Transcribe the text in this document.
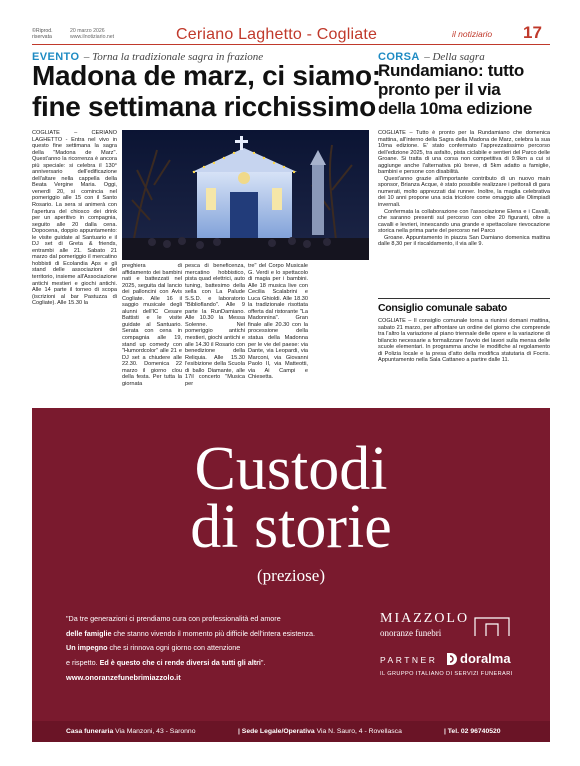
©Riprod.
riservata
20 marzo 2026
www.ilnotiziario.net	Ceriano Laghetto - Cogliate	il notiziario 17
EVENTO – Torna la tradizionale sagra in frazione
Madona de marz, ci siamo:
fine settimana ricchissimo
COGLIATE – CERIANO LAGHETTO - Entra nel vivo in questo fine settimana la sagra della "Madona de Marz". Quest'anno la ricorrenza è ancora più speciale: si celebra il 130° anniversario dell'edificazione dell'altare nella cappella della Beata Vergine Maria. Oggi, venerdì 20, si comincia nel pomeriggio alle 15 con il Santo Rosario. La sera si animerà con l'apertura del chiosco dei drink per un aperitivo in compagnia, seguito alle 20 dalla cena. Dopocena, doppio appuntamento: le visite guidate al Santuario e il DJ set di Greta & friends, entrambi alle 21. Sabato 21 marzo dal pomeriggio il mercatino hobbisti di Ecolandia Aps e gli stand delle associazioni del territorio, insieme all'Associazione antichi mestieri e giochi antichi. Alle 14 parte il torneo di scopa (iscrizioni al bar Pastuzza di Cogliate). Alle 15.30 la
preghiera di affidamento dei bambini nati e battezzati nel 2025, seguita dal lancio dei palloncini con Avis Cogliate. Alle 16 il saggio musicale degli alunni dell'IC Cesare Battisti e le visite guidate al Santuario. Serata con cena in compagnia alle 19, stand up comedy con "Humordcolor" alle 21 e DJ set a chiudere alle 22.30. Domenica 22 marzo il giorno clou della festa. Per tutta la giornata
pesca di beneficenza, mercatino hobbistico, pista quad elettrici, auto tuning, battesimo della sella con La Palude S.S.D. e laboratorio "Biblioflando". Alle 9 parte la RunDamiano. Alle 10.30 la Messa Solenne. Nel pomeriggio antichi mestieri, giochi antichi e alle 14.30 il Rosario con benedizione della Reliquia. Alle 15.30 l'esibizione della Scuola di ballo Diamante, alle 17il concerto "Musica per
tre" del Corpo Musicale G. Verdi e lo spettacolo di magia per i bambini. Alle 18 musica live con Cecilia Scalabrini e Luca Ghioldi. Alle 18.30 la tradizionale risottata offerta dal ristorante "La Madonnina". Gran finale alle 20.30 con la processione della statua della Madonna per le vie del paese: via Dante, via Leopardi, via Marconi, via Giovanni Paolo II, via Matteotti, via Ai Campi e Chiesetta.
CORSA – Della sagra
Rundamiano: tutto
pronto per il via
della 10ma edizione

COGLIATE – Tutto è pronto per la Rundamiano che domenica mattina, all'interno della Sagra della Madona de Marz, celebra la sua 10ma edizione. E' stato confermato l'apprezzatissimo percorso dell'edizione 2025, tra asfalto, pista ciclabile e sentieri del Parco delle Groane. Si tratta di una corsa non competitiva di 9.9km a cui si aggiunge anche l'alternativa più breve, di 5km adatto a famiglie, bambini e persone con disabilità.

Quest'anno grazie all'importante contributo di un nuovo main sponsor, Brianza Acque, è stato possibile realizzare i pettorali di gara numerati, molto apprezzati dai runner. Inoltre, la maglia celebrativa dei 10 anni propone una scia tricolore come omaggio alle Olimpiadi invernali.

Confermata la collaborazione con l'associazione Elena e i Cavalli, che saranno presenti sul percorso con oltre 20 figuranti, oltre a cavalli e levrieri, innescando una grande e spettacolare rievocazione storica nella prima parte del percorso nel Parco

Groane. Appuntamento in piazza San Damiano domenica mattina dalle 8,30 per il riscaldamento, il via alle 9.

Consiglio comunale sabato
COGLIATE – Il consiglio comunale torna a riunirsi domani mattina, sabato 21 marzo, per affrontare un ordine del giorno che comprende tra l'altro la variazione al piano triennale delle opere e la variazione di bilancio necessarie a formalizzare l'avvio dei lavori sulla mensa delle scuole elementari. In programma anche le modifiche al regolamento di Polizia locale e la presa d'atto della modifica statutaria di Focris. Appuntamento nella Sala Cattaneo a partire dalle 11.
Custodi
di storie
(preziose)
"Da tre generazioni ci prendiamo cura con professionalità ed amore
delle famiglie che stanno vivendo il momento più difficile dell'intera esistenza.
Un impegno che si rinnova ogni giorno con attenzione
e rispetto. Ed è questo che ci rende diversi da tutti gli altri".
www.onoranzefunebrimiazzolo.it
MIAZZOLO
onoranze funebri
PARTNER doralma
IL GRUPPO ITALIANO DI SERVIZI FUNERARI
Casa funeraria Via Manzoni, 43 - Saronno	| Sede Legale/Operativa Via N. Sauro, 4 - Rovellasca	| Tel. 02 96740520
